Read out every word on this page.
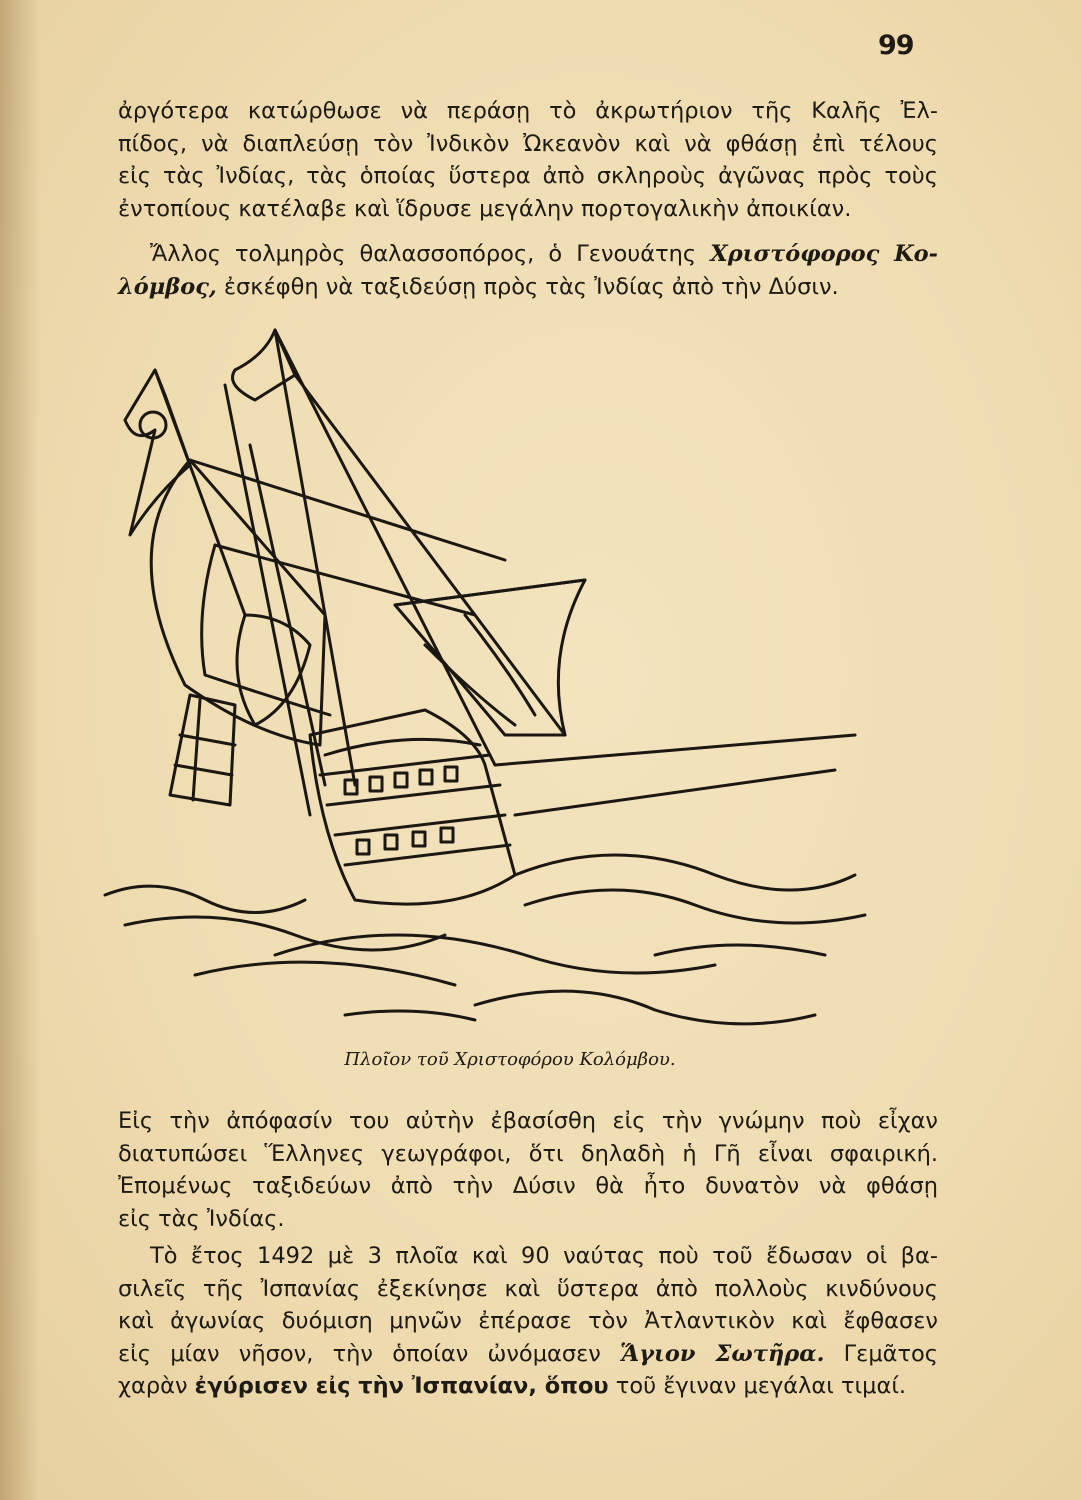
99

ἀργότερα κατώρθωσε νὰ περάσῃ τὸ ἀκρωτήριον τῆς Καλῆς Ἐλ-
πίδος, νὰ διαπλεύσῃ τὸν Ἰνδικὸν Ὠκεανὸν καὶ νὰ φθάσῃ ἐπὶ τέλους
εἰς τὰς Ἰνδίας, τὰς ὁποίας ὕστερα ἀπὸ σκληροὺς ἀγῶνας πρὸς τοὺς
ἐντοπίους κατέλαβε καὶ ἵδρυσε μεγάλην πορτογαλικὴν ἀποικίαν.

Ἄλλος τολμηρὸς θαλασσοπόρος, ὁ Γενουάτης Χριστόφορος Κο-
λόμβος, ἐσκέφθη νὰ ταξιδεύσῃ πρὸς τὰς Ἰνδίας ἀπὸ τὴν Δύσιν.

Πλοῖον τοῦ Χριστοφόρου Κολόμβου.

Εἰς τὴν ἀπόφασίν του αὐτὴν ἐβασίσθη εἰς τὴν γνώμην ποὺ εἶχαν
διατυπώσει Ἕλληνες γεωγράφοι, ὅτι δηλαδὴ ἡ Γῆ εἶναι σφαιρική.
Ἐπομένως ταξιδεύων ἀπὸ τὴν Δύσιν θὰ ἦτο δυνατὸν νὰ φθάσῃ
εἰς τὰς Ἰνδίας.

Τὸ ἔτος 1492 μὲ 3 πλοῖα καὶ 90 ναύτας ποὺ τοῦ ἔδωσαν οἱ βα-
σιλεῖς τῆς Ἰσπανίας ἐξεκίνησε καὶ ὕστερα ἀπὸ πολλοὺς κινδύνους
καὶ ἀγωνίας δυόμιση μηνῶν ἐπέρασε τὸν Ἀτλαντικὸν καὶ ἔφθασεν
εἰς μίαν νῆσον, τὴν ὁποίαν ὠνόμασεν Ἅγιον Σωτῆρα. Γεμᾶτος
χαρὰν ἐγύρισεν εἰς τὴν Ἰσπανίαν, ὅπου τοῦ ἔγιναν μεγάλαι τιμαί.
